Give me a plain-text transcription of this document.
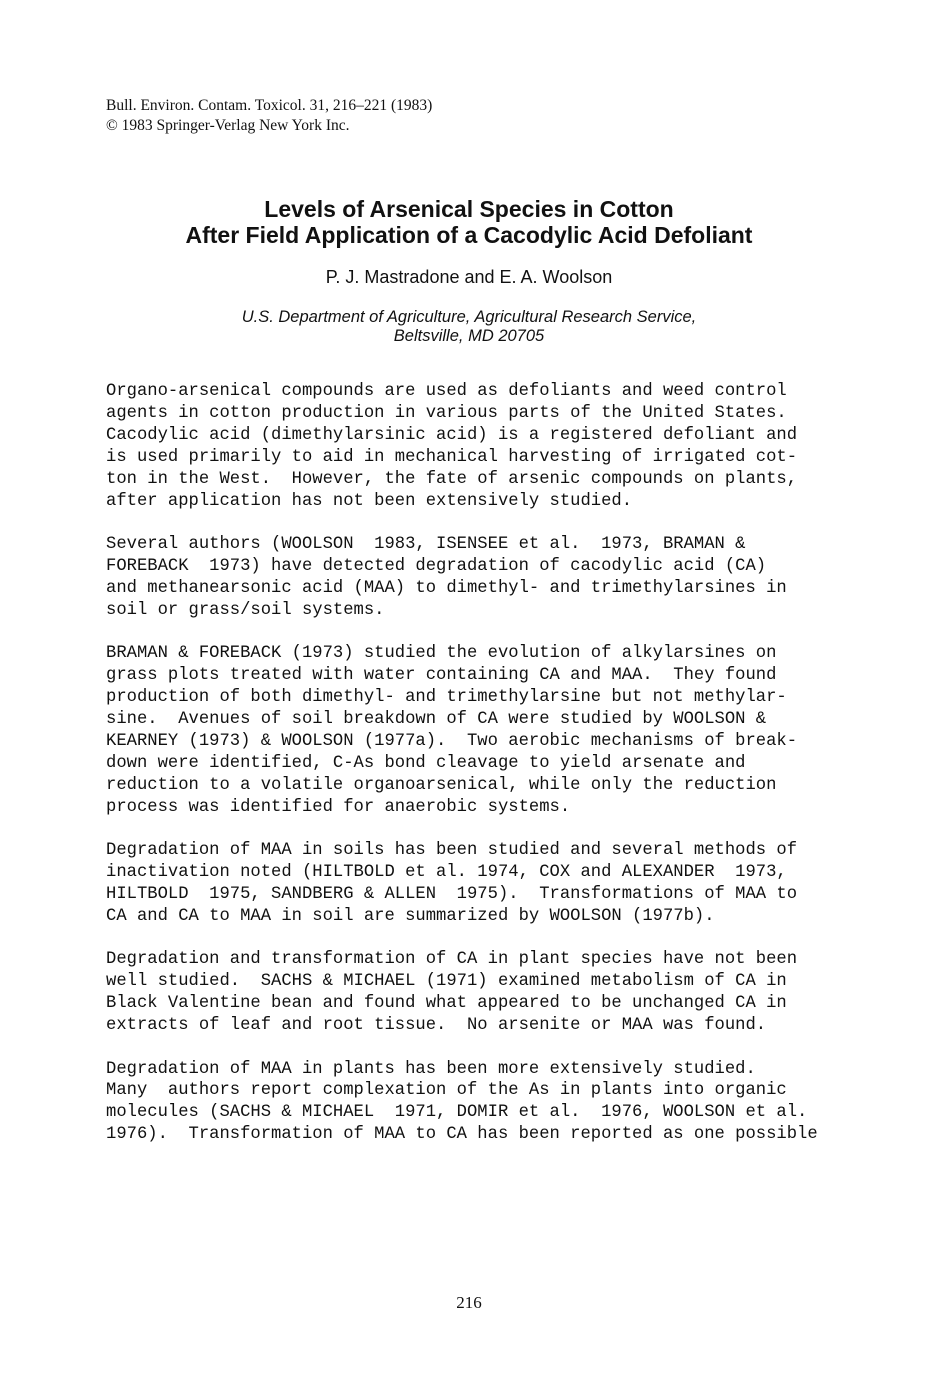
Bull. Environ. Contam. Toxicol. 31, 216–221 (1983)
© 1983 Springer-Verlag New York Inc.
Levels of Arsenical Species in Cotton
After Field Application of a Cacodylic Acid Defoliant
P. J. Mastradone and E. A. Woolson
U.S. Department of Agriculture, Agricultural Research Service,
Beltsville, MD 20705
Organo-arsenical compounds are used as defoliants and weed control
agents in cotton production in various parts of the United States.
Cacodylic acid (dimethylarsinic acid) is a registered defoliant and
is used primarily to aid in mechanical harvesting of irrigated cot-
ton in the West.  However, the fate of arsenic compounds on plants,
after application has not been extensively studied.
Several authors (WOOLSON  1983, ISENSEE et al.  1973, BRAMAN &
FOREBACK  1973) have detected degradation of cacodylic acid (CA)
and methanearsonic acid (MAA) to dimethyl- and trimethylarsines in
soil or grass/soil systems.
BRAMAN & FOREBACK (1973) studied the evolution of alkylarsines on
grass plots treated with water containing CA and MAA.  They found
production of both dimethyl- and trimethylarsine but not methylar-
sine.  Avenues of soil breakdown of CA were studied by WOOLSON &
KEARNEY (1973) & WOOLSON (1977a).  Two aerobic mechanisms of break-
down were identified, C-As bond cleavage to yield arsenate and
reduction to a volatile organoarsenical, while only the reduction
process was identified for anaerobic systems.
Degradation of MAA in soils has been studied and several methods of
inactivation noted (HILTBOLD et al. 1974, COX and ALEXANDER  1973,
HILTBOLD  1975, SANDBERG & ALLEN  1975).  Transformations of MAA to
CA and CA to MAA in soil are summarized by WOOLSON (1977b).
Degradation and transformation of CA in plant species have not been
well studied.  SACHS & MICHAEL (1971) examined metabolism of CA in
Black Valentine bean and found what appeared to be unchanged CA in
extracts of leaf and root tissue.  No arsenite or MAA was found.
Degradation of MAA in plants has been more extensively studied.
Many  authors report complexation of the As in plants into organic
molecules (SACHS & MICHAEL  1971, DOMIR et al.  1976, WOOLSON et al.
1976).  Transformation of MAA to CA has been reported as one possible
216
